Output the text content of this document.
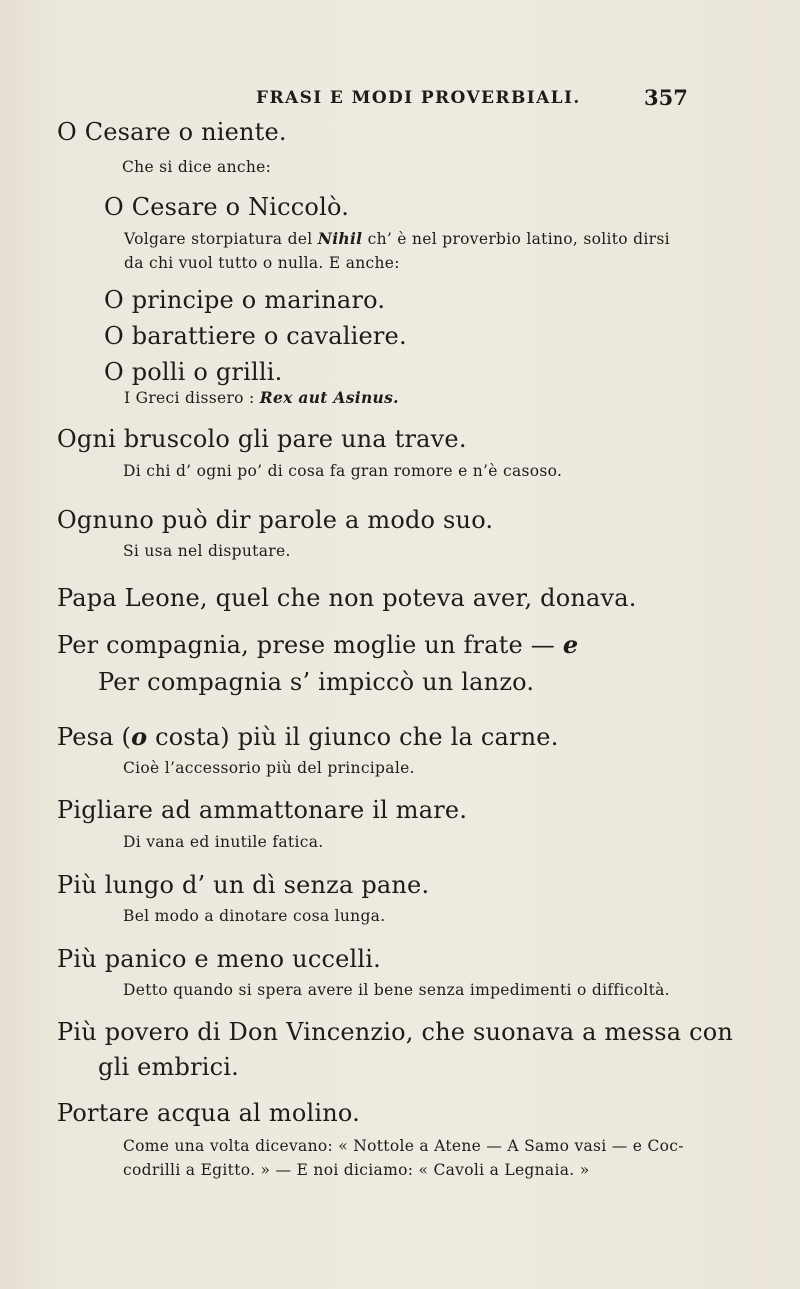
FRASI E MODI PROVERBIALI.	357
O Cesare o niente.
Che si dice anche:
O Cesare o Niccolò.
Volgare storpiatura del Nihil ch’ è nel proverbio latino, solito dirsi
da chi vuol tutto o nulla. E anche:
O principe o marinaro.
O barattiere o cavaliere.
O polli o grilli.
I Greci dissero : Rex aut Asinus.
Ogni bruscolo gli pare una trave.
Di chi d’ ogni po’ di cosa fa gran romore e n’è casoso.
Ognuno può dir parole a modo suo.
Si usa nel disputare.
Papa Leone, quel che non poteva aver, donava.
Per compagnia, prese moglie un frate — e
Per compagnia s’ impiccò un lanzo.
Pesa (o costa) più il giunco che la carne.
Cioè l’accessorio più del principale.
Pigliare ad ammattonare il mare.
Di vana ed inutile fatica.
Più lungo d’ un dì senza pane.
Bel modo a dinotare cosa lunga.
Più panico e meno uccelli.
Detto quando si spera avere il bene senza impedimenti o difficoltà.
Più povero di Don Vincenzio, che suonava a messa con
gli embrici.
Portare acqua al molino.
Come una volta dicevano: « Nottole a Atene — A Samo vasi — e Coc-
codrilli a Egitto. » — E noi diciamo: « Cavoli a Legnaia. »
